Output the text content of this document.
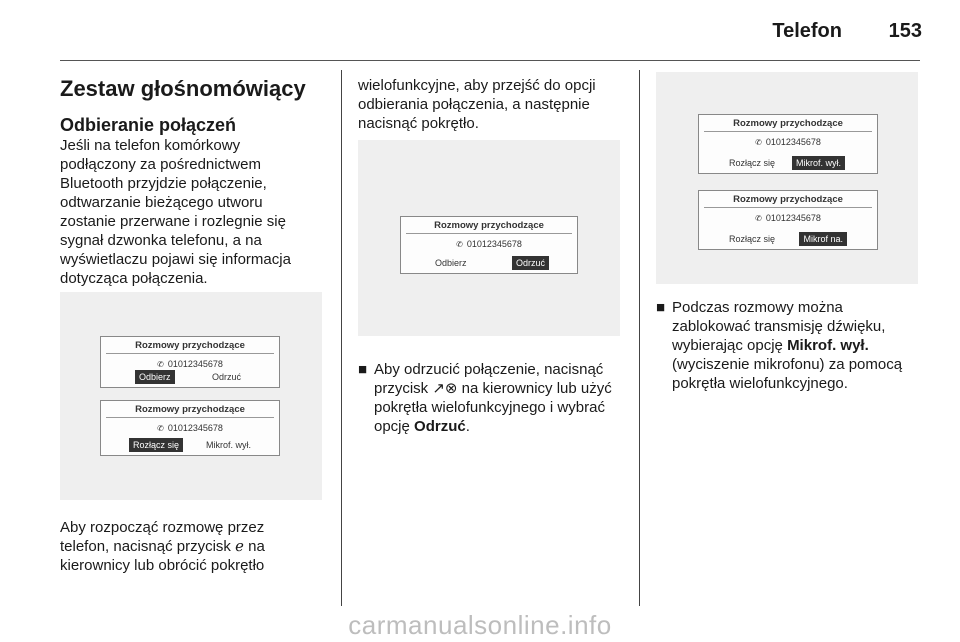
Telefon 153
Zestaw głośnomówiący
Odbieranie połączeń

Jeśli na telefon komórkowy

podłączony za pośrednictwem

Bluetooth przyjdzie połączenie,

odtwarzanie bieżącego utworu

zostanie przerwane i rozlegnie się

sygnał dzwonka telefonu, a na

wyświetlaczu pojawi się informacja

dotycząca połączenia.

Rozmowy przychodzące
✆ 01012345678
Odbierz	Odrzuć
Rozmowy przychodzące
✆ 01012345678
Rozłącz się	Mikrof. wył.

Aby rozpocząć rozmowę przez

telefon, nacisnąć przycisk ℯ na

kierownicy lub obrócić pokrętło

wielofunkcyjne, aby przejść do opcji

odbierania połączenia, a następnie

nacisnąć pokrętło.

Rozmowy przychodzące
✆ 01012345678
Odbierz	Odrzuć
■ Aby odrzucić połączenie, nacisnąć

przycisk ↗⊗ na kierownicy lub użyć

pokrętła wielofunkcyjnego i wybrać

opcję Odrzuć.

Rozmowy przychodzące
✆ 01012345678
Rozłącz się	Mikrof. wył.
Rozmowy przychodzące
✆ 01012345678
Rozłącz się	Mikrof na.
■ Podczas rozmowy można

zablokować transmisję dźwięku,

wybierając opcję Mikrof. wył.

(wyciszenie mikrofonu) za pomocą

pokrętła wielofunkcyjnego.

carmanualsonline.info
